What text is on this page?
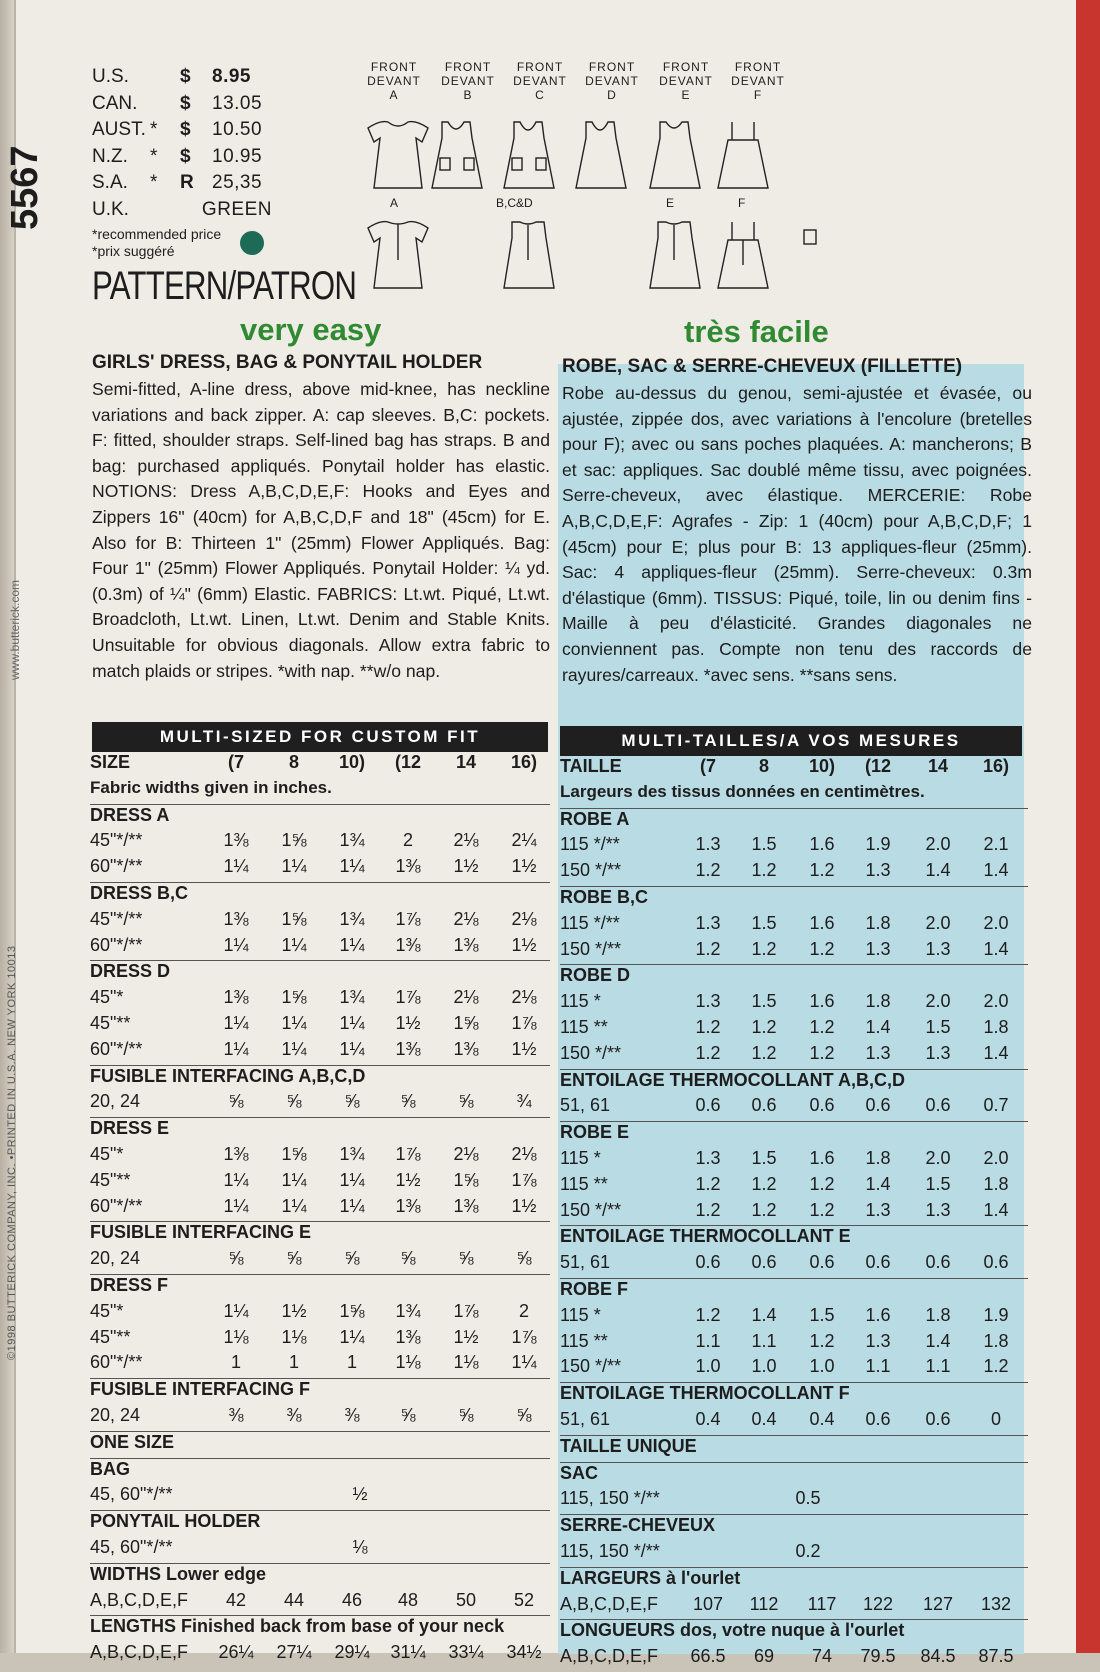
5567
www.butterick.com
©1998 BUTTERICK COMPANY, INC. •PRINTED IN U.S.A. NEW YORK 10013
U.S.	$	8.95
CAN.	$	13.05
AUST. *	$	10.50
N.Z.	*	$	10.95
S.A.	*	R 25,35
U.K.	GREEN
*recommended price
*prix suggéré
PATTERN/PATRON
very easy	très facile
FRONT
DEVANT
A
FRONT
DEVANT
B
FRONT
DEVANT
C
FRONT
DEVANT
D
FRONT
DEVANT
E
FRONT
DEVANT
F
A	B,C&D	E	F
GIRLS' DRESS, BAG & PONYTAIL HOLDER
Semi-fitted, A-line dress, above mid-knee, has neckline variations and back zipper. A: cap sleeves. B,C: pockets. F: fitted, shoulder straps. Self-lined bag has straps. B and bag: purchased appliqués. Ponytail holder has elastic. NOTIONS: Dress A,B,C,D,E,F: Hooks and Eyes and Zippers 16" (40cm) for A,B,C,D,F and 18" (45cm) for E. Also for B: Thirteen 1" (25mm) Flower Appliqués. Bag: Four 1" (25mm) Flower Appliqués. Ponytail Holder: ¼ yd. (0.3m) of ¼" (6mm) Elastic. FABRICS: Lt.wt. Piqué, Lt.wt. Broadcloth, Lt.wt. Linen, Lt.wt. Denim and Stable Knits. Unsuitable for obvious diagonals. Allow extra fabric to match plaids or stripes. *with nap. **w/o nap.
ROBE, SAC & SERRE-CHEVEUX (FILLETTE)
Robe au-dessus du genou, semi-ajustée et évasée, ou ajustée, zippée dos, avec variations à l'encolure (bretelles pour F); avec ou sans poches plaquées. A: mancherons; B et sac: appliques. Sac doublé même tissu, avec poignées. Serre-cheveux, avec élastique. MERCERIE: Robe A,B,C,D,E,F: Agrafes - Zip: 1 (40cm) pour A,B,C,D,F; 1 (45cm) pour E; plus pour B: 13 appliques-fleur (25mm). Sac: 4 appliques-fleur (25mm). Serre-cheveux: 0.3m d'élastique (6mm). TISSUS: Piqué, toile, lin ou denim fins - Maille à peu d'élasticité. Grandes diagonales ne conviennent pas. Compte non tenu des raccords de rayures/carreaux. *avec sens. **sans sens.
MULTI-SIZED FOR CUSTOM FIT	MULTI-TAILLES/A VOS MESURES
SIZE	(7	8	10)	(12	14	16)
Fabric widths given in inches.
DRESS A
45"*/**	1⅜	1⅝	1¾	2	2⅛	2¼
60"*/**	1¼	1¼	1¼	1⅜	1½	1½
DRESS B,C
45"*/**	1⅜	1⅝	1¾	1⅞	2⅛	2⅛
60"*/**	1¼	1¼	1¼	1⅜	1⅜	1½
DRESS D
45"*	1⅜	1⅝	1¾	1⅞	2⅛	2⅛
45"**	1¼	1¼	1¼	1½	1⅝	1⅞
60"*/**	1¼	1¼	1¼	1⅜	1⅜	1½
FUSIBLE INTERFACING A,B,C,D
20, 24	⅝	⅝	⅝	⅝	⅝	¾
DRESS E
45"*	1⅜	1⅝	1¾	1⅞	2⅛	2⅛
45"**	1¼	1¼	1¼	1½	1⅝	1⅞
60"*/**	1¼	1¼	1¼	1⅜	1⅜	1½
FUSIBLE INTERFACING E
20, 24	⅝	⅝	⅝	⅝	⅝	⅝
DRESS F
45"*	1¼	1½	1⅝	1¾	1⅞	2
45"**	1⅛	1⅛	1¼	1⅜	1½	1⅞
60"*/**	1	1	1	1⅛	1⅛	1¼
FUSIBLE INTERFACING F
20, 24	⅜	⅜	⅜	⅝	⅝	⅝
ONE SIZE
BAG
45, 60"*/**	½
PONYTAIL HOLDER
45, 60"*/**	⅛
WIDTHS Lower edge
A,B,C,D,E,F	42	44	46	48	50	52
LENGTHS Finished back from base of your neck
A,B,C,D,E,F	26¼	27¼	29¼	31¼	33¼	34½
TAILLE	(7	8	10)	(12	14	16)
Largeurs des tissus données en centimètres.
ROBE A
115 */**	1.3	1.5	1.6	1.9	2.0	2.1
150 */**	1.2	1.2	1.2	1.3	1.4	1.4
ROBE B,C
115 */**	1.3	1.5	1.6	1.8	2.0	2.0
150 */**	1.2	1.2	1.2	1.3	1.3	1.4
ROBE D
115 *	1.3	1.5	1.6	1.8	2.0	2.0
115 **	1.2	1.2	1.2	1.4	1.5	1.8
150 */**	1.2	1.2	1.2	1.3	1.3	1.4
ENTOILAGE THERMOCOLLANT A,B,C,D
51, 61	0.6	0.6	0.6	0.6	0.6	0.7
ROBE E
115 *	1.3	1.5	1.6	1.8	2.0	2.0
115 **	1.2	1.2	1.2	1.4	1.5	1.8
150 */**	1.2	1.2	1.2	1.3	1.3	1.4
ENTOILAGE THERMOCOLLANT E
51, 61	0.6	0.6	0.6	0.6	0.6	0.6
ROBE F
115 *	1.2	1.4	1.5	1.6	1.8	1.9
115 **	1.1	1.1	1.2	1.3	1.4	1.8
150 */**	1.0	1.0	1.0	1.1	1.1	1.2
ENTOILAGE THERMOCOLLANT F
51, 61	0.4	0.4	0.4	0.6	0.6	0
TAILLE UNIQUE
SAC
115, 150 */**	0.5
SERRE-CHEVEUX
115, 150 */**	0.2
LARGEURS à l'ourlet
A,B,C,D,E,F	107	112	117	122	127	132
LONGUEURS dos, votre nuque à l'ourlet
A,B,C,D,E,F	66.5	69	74	79.5	84.5	87.5
